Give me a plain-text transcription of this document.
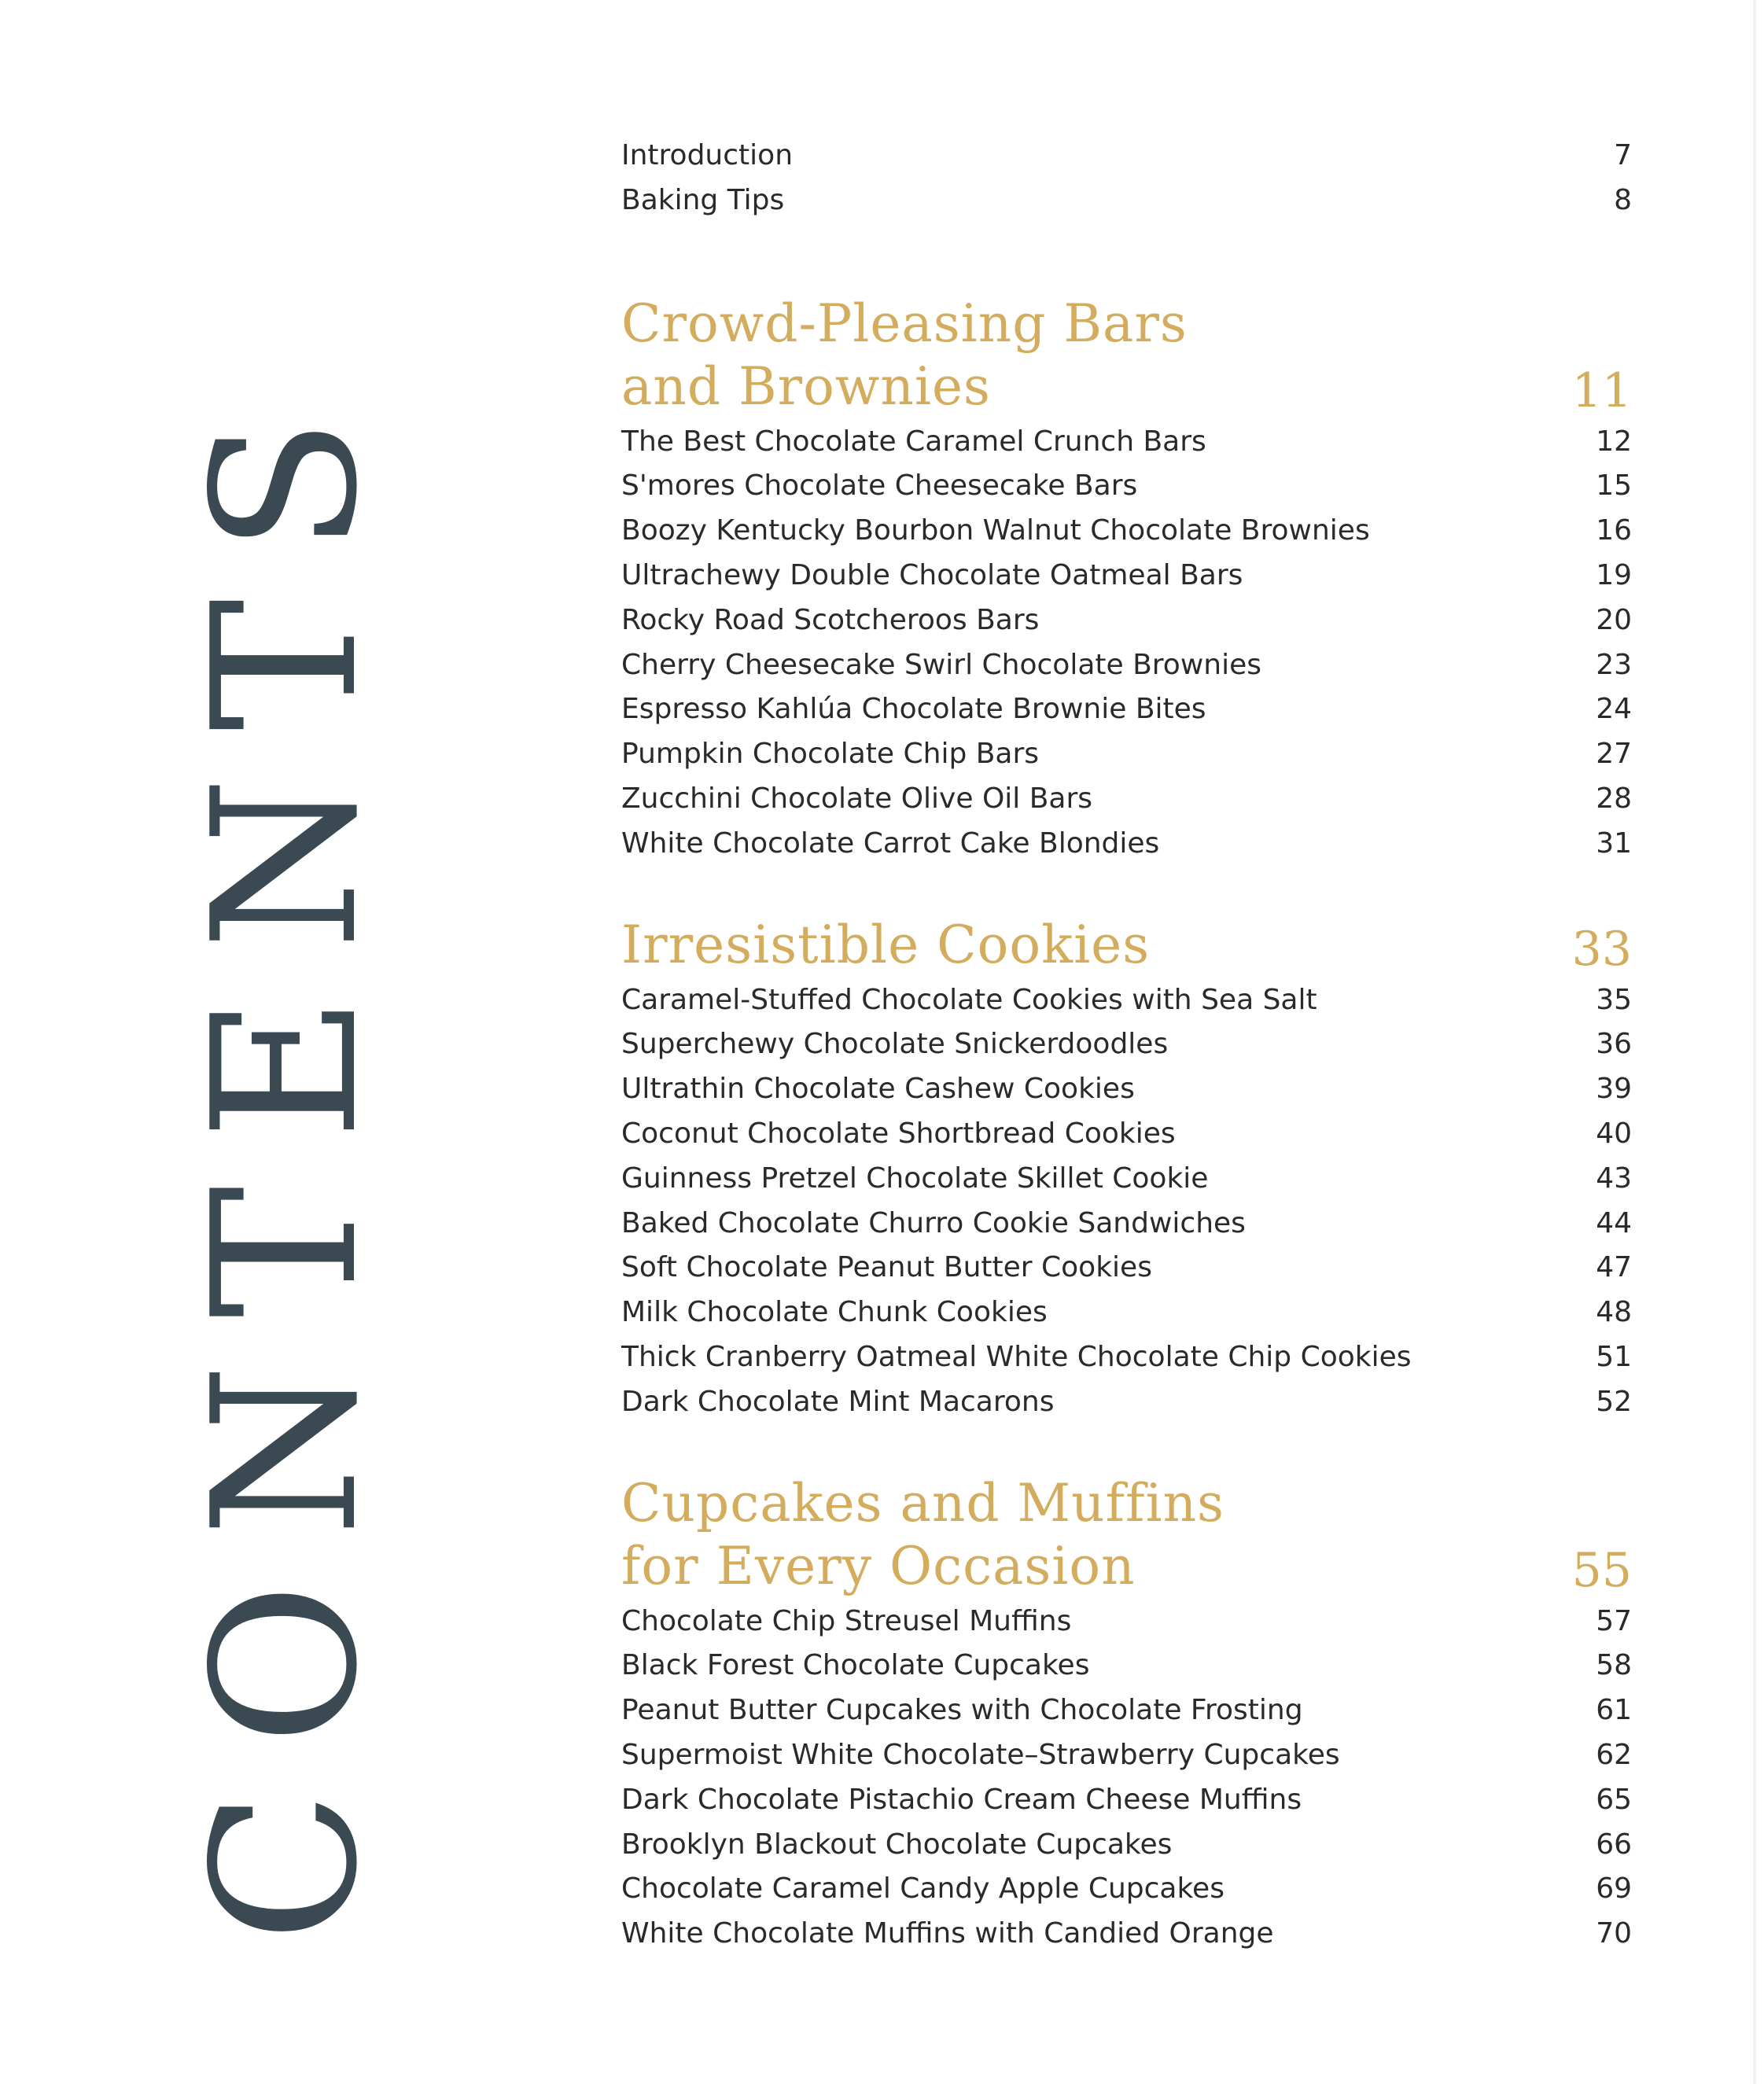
CONTENTS
Introduction	7
Baking Tips	8
Crowd-Pleasing Bars and Brownies	11
The Best Chocolate Caramel Crunch Bars	12
S'mores Chocolate Cheesecake Bars	15
Boozy Kentucky Bourbon Walnut Chocolate Brownies	16
Ultrachewy Double Chocolate Oatmeal Bars	19
Rocky Road Scotcheroos Bars	20
Cherry Cheesecake Swirl Chocolate Brownies	23
Espresso Kahlúa Chocolate Brownie Bites	24
Pumpkin Chocolate Chip Bars	27
Zucchini Chocolate Olive Oil Bars	28
White Chocolate Carrot Cake Blondies	31
Irresistible Cookies	33
Caramel-Stuffed Chocolate Cookies with Sea Salt	35
Superchewy Chocolate Snickerdoodles	36
Ultrathin Chocolate Cashew Cookies	39
Coconut Chocolate Shortbread Cookies	40
Guinness Pretzel Chocolate Skillet Cookie	43
Baked Chocolate Churro Cookie Sandwiches	44
Soft Chocolate Peanut Butter Cookies	47
Milk Chocolate Chunk Cookies	48
Thick Cranberry Oatmeal White Chocolate Chip Cookies	51
Dark Chocolate Mint Macarons	52
Cupcakes and Muffins for Every Occasion	55
Chocolate Chip Streusel Muffins	57
Black Forest Chocolate Cupcakes	58
Peanut Butter Cupcakes with Chocolate Frosting	61
Supermoist White Chocolate–Strawberry Cupcakes	62
Dark Chocolate Pistachio Cream Cheese Muffins	65
Brooklyn Blackout Chocolate Cupcakes	66
Chocolate Caramel Candy Apple Cupcakes	69
White Chocolate Muffins with Candied Orange	70
